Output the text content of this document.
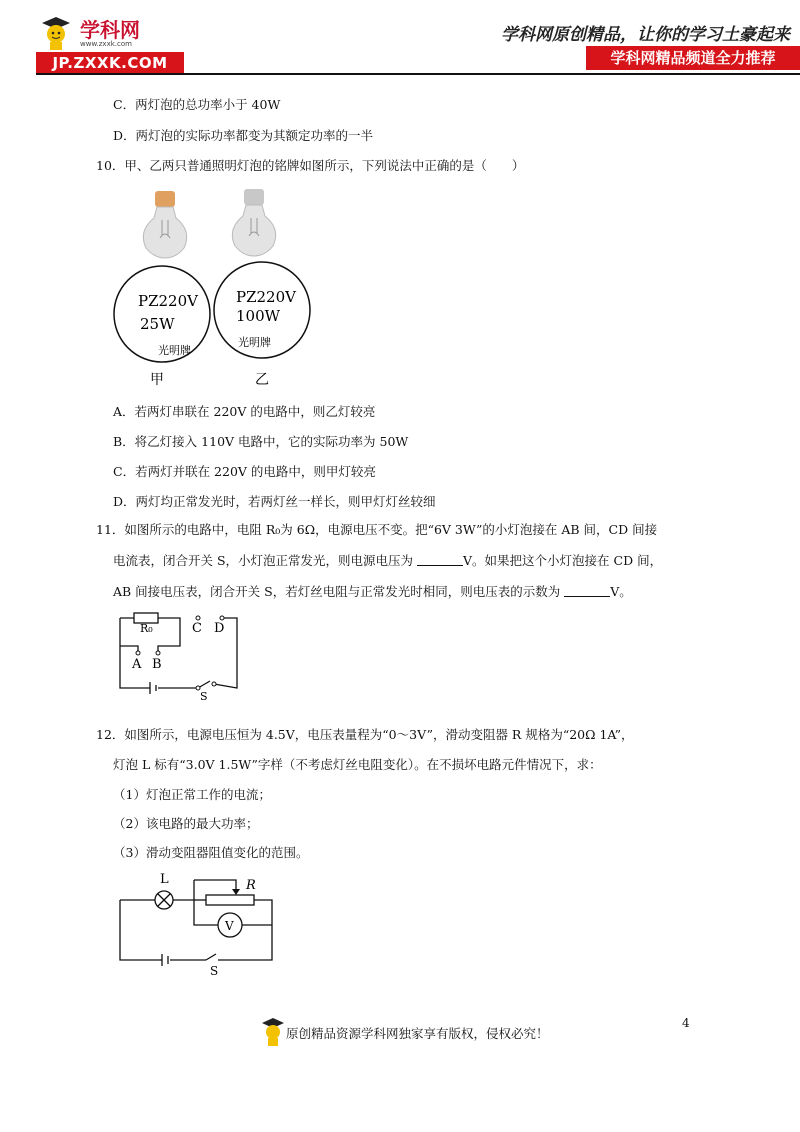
学科网
www.zxxk.com
JP.ZXXK.COM
学科网原创精品，让你的学习土豪起来
学科网精品频道全力推荐
C．两灯泡的总功率小于 40W
D．两灯泡的实际功率都变为其额定功率的一半
10．甲、乙两只普通照明灯泡的铭牌如图所示，下列说法中正确的是（　　）
PZ220V
25W
光明牌
PZ220V
100W
光明牌
甲	乙
A．若两灯串联在 220V 的电路中，则乙灯较亮
B．将乙灯接入 110V 电路中，它的实际功率为 50W
C．若两灯并联在 220V 的电路中，则甲灯较亮
D．两灯均正常发光时，若两灯丝一样长，则甲灯灯丝较细
11．如图所示的电路中，电阻 R₀为 6Ω，电源电压不变。把“6V 3W”的小灯泡接在 AB 间，CD 间接
电流表，闭合开关 S，小灯泡正常发光，则电源电压为	V。如果把这个小灯泡接在 CD 间，
AB 间接电压表，闭合开关 S，若灯丝电阻与正常发光时相同，则电压表的示数为	V。
R₀	C D
A B
S
12．如图所示，电源电压恒为 4.5V，电压表量程为“0～3V”，滑动变阻器 R 规格为“20Ω 1A”，
灯泡 L 标有“3.0V 1.5W”字样（不考虑灯丝电阻变化）。在不损坏电路元件情况下，求：
（1）灯泡正常工作的电流；
（2）该电路的最大功率；
（3）滑动变阻器阻值变化的范围。
L	R
V
S
原创精品资源学科网独家享有版权，侵权必究！
4
